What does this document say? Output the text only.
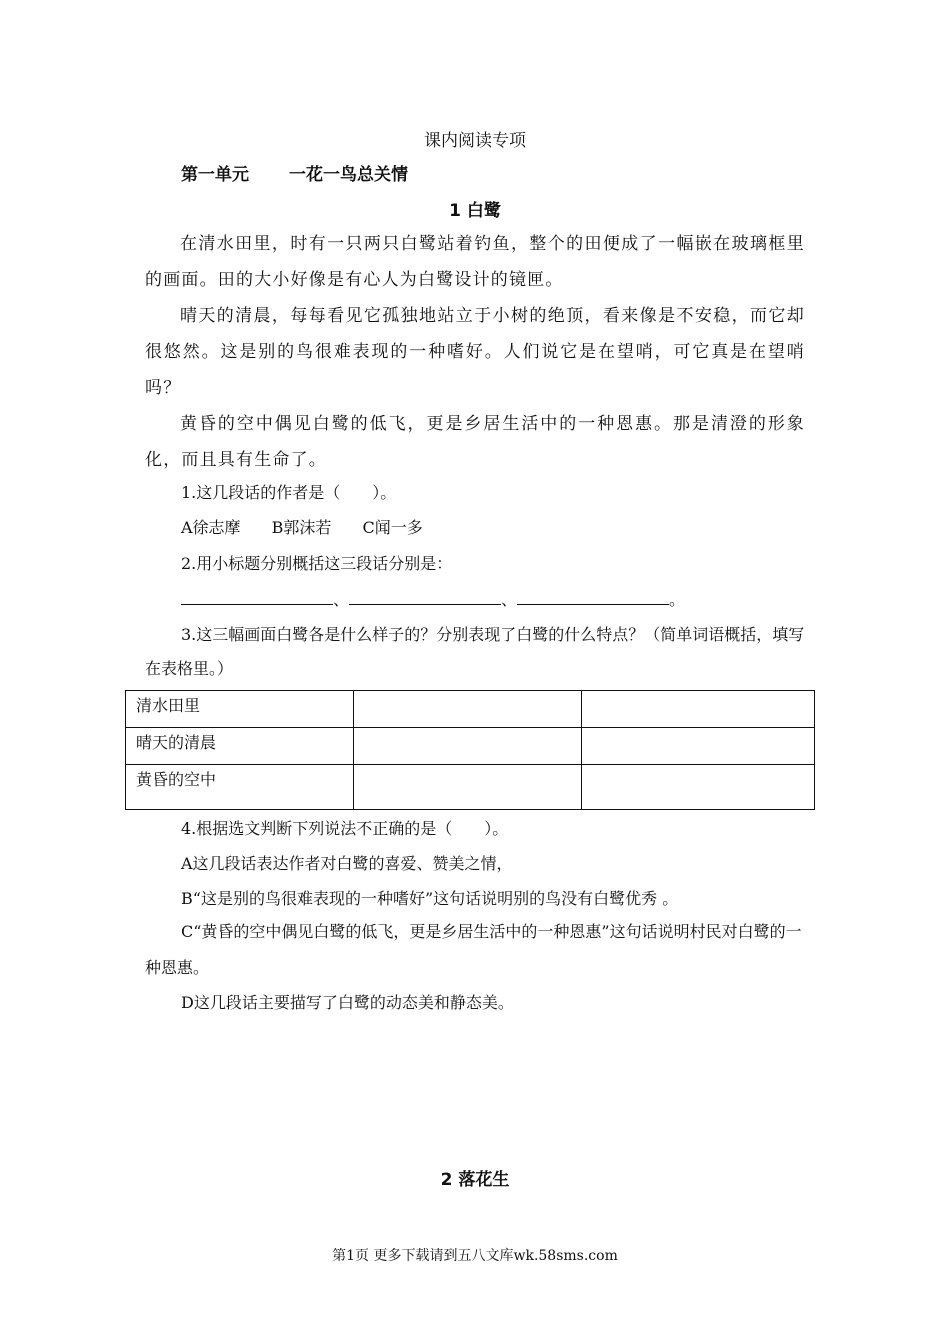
课内阅读专项
第一单元 一花一鸟总关情
1 白鹭

在清水田里，时有一只两只白鹭站着钓鱼，整个的田便成了一幅嵌在玻璃框里的画面。田的大小好像是有心人为白鹭设计的镜匣。

晴天的清晨，每每看见它孤独地站立于小树的绝顶，看来像是不安稳，而它却很悠然。这是别的鸟很难表现的一种嗜好。人们说它是在望哨，可它真是在望哨吗？

黄昏的空中偶见白鹭的低飞，更是乡居生活中的一种恩惠。那是清澄的形象化，而且具有生命了。

1.这几段话的作者是（　　）。
A徐志摩 B郭沫若 C闻一多
2.用小标题分别概括这三段话分别是：
、	、	。

3.这三幅画面白鹭各是什么样子的？分别表现了白鹭的什么特点？（简单词语概括，填写在表格里。）

清水田里		
晴天的清晨		
黄昏的空中		
4.根据选文判断下列说法不正确的是（　　）。
A这几段话表达作者对白鹭的喜爱、赞美之情，
B“这是别的鸟很难表现的一种嗜好”这句话说明别的鸟没有白鹭优秀 。

C“黄昏的空中偶见白鹭的低飞，更是乡居生活中的一种恩惠”这句话说明村民对白鹭的一种恩惠。

D这几段话主要描写了白鹭的动态美和静态美。
2 落花生
第1页 更多下载请到五八文库wk.58sms.com
